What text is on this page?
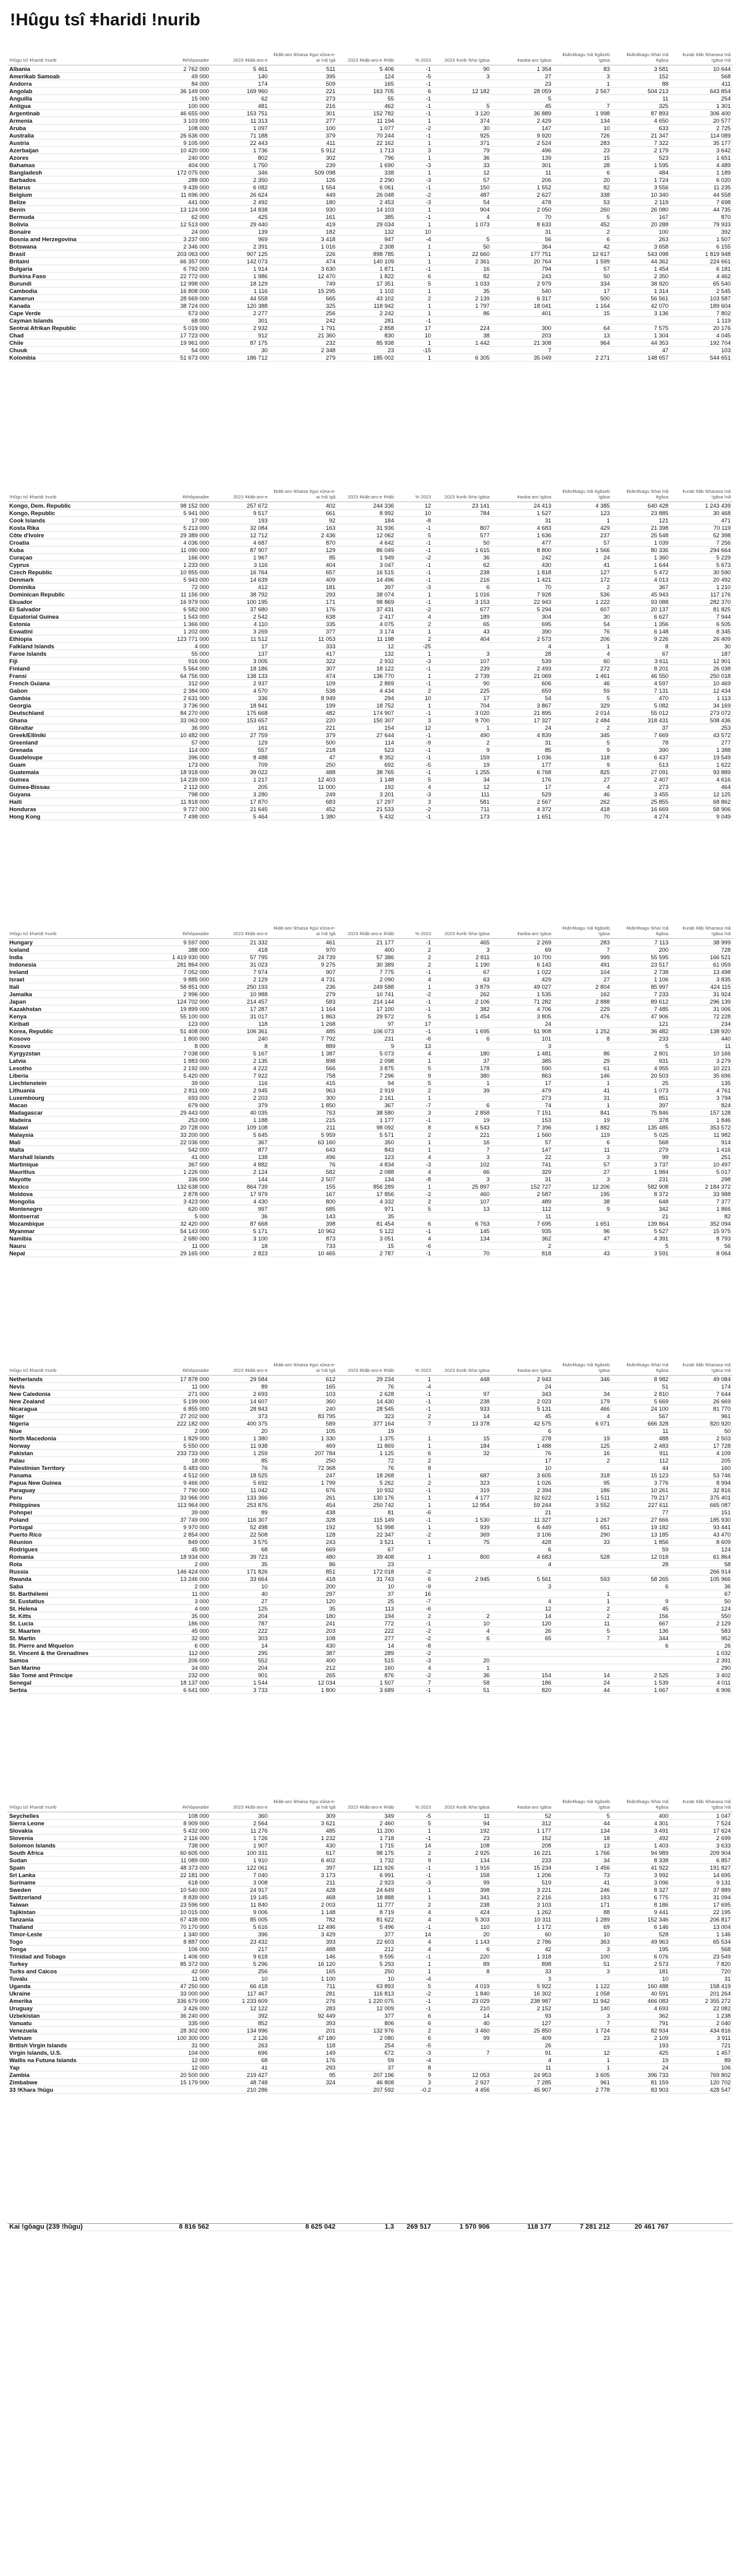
ǃHûgu tsî ǂharidi ǃnurib
ǃHûgu tsî ǂharidi ǃnurib	ǂkhôpaxaibe	2023 ǂkâb-aro-e	ǂkâb-aro ǃkhaisa ǂgui xûna-e-ai ǃnâ ǃgâ	2023 ǂkâb-aro-e ǂhâb	% 2023	2023 ǂurib ǃkha ǃgāsa	ǂaoba-aro ǃgāsa	ǂkânǂkagu ǃnâ ǂgâseb ǃgāsa	ǂkânǂkagu ǃkhai ǃnâ ǂgâsa	ǂurab ǂâb ǃkharaxa ǃnâ ǃgāsa ǃnâ
Albania	2 762 000	5 461	511	5 406	-1	90	1 354	83	3 581	10 644
Amerikab Samoab	49 000	140	395	124	-5	3	27	3	152	568
Andorra	84 000	174	509	165	-1		23	1	88	411
Angolab	36 149 000	169 960	221	163 705	6	12 182	28 059	2 567	504 213	643 854
Anguilla	15 000	62	273	55	-1		5		11	254
Antigua	100 000	481	216	462	-1	5	45	7	325	1 301
Argentinab	46 655 000	153 751	301	152 782	-1	3 120	36 889	1 998	87 893	306 400
Armenia	3 103 000	11 313	277	11 194	1	374	2 429	134	4 650	20 577
Aruba	108 000	1 097	100	1 077	-2	30	147	10	633	2 725
Australia	26 636 000	71 188	379	70 244	-1	925	9 920	726	21 347	114 089
Austria	9 105 000	22 443	411	22 162	1	371	2 524	283	7 322	35 177
Azerbaijan	10 420 000	1 736	5 912	1 713	3	79	496	23	2 179	3 642
Azores	240 000	802	302	796	1	36	139	15	523	1 651
Bahamas	404 000	1 750	239	1 690	-3	33	301	28	1 595	4 489
Bangladesh	172 075 000	346	509 098	338	1	12	11	6	484	1 189
Barbados	288 000	2 350	126	2 290	-3	57	206	20	1 724	6 020
Belarus	9 439 000	6 082	1 554	6 061	-1	150	1 552	82	3 556	11 235
Belgium	11 696 000	26 624	449	26 048	-2	487	2 627	338	10 340	44 558
Belize	441 000	2 492	180	2 453	-3	54	478	53	2 119	7 698
Benin	13 124 000	14 838	930	14 103	1	904	2 050	260	26 080	44 735
Bermuda	62 000	425	161	385	-1	4	70	5	167	870
Bolivia	12 513 000	29 440	419	29 034	1	1 073	8 633	452	20 288	79 933
Bonaire	24 000	139	182	132	10		31	2	100	392
Bosnia and Herzegovina	3 237 000	969	3 418	947	-4	5	56	6	263	1 507
Botswana	2 346 000	2 391	1 016	2 308	1	50	364	42	3 658	6 155
Brasil	203 063 000	907 125	226	898 785	1	22 660	177 751	12 617	543 098	1 819 948
Britaini	66 357 000	142 073	474	140 109	1	2 361	20 764	1 599	44 362	224 661
Bulgaria	6 792 000	1 914	3 630	1 871	-1	16	794	57	1 454	6 181
Burkina Faso	22 772 000	1 986	12 470	1 822	6	82	243	50	2 350	4 462
Burundi	12 998 000	18 129	749	17 351	5	1 033	2 979	334	38 920	65 540
Cambodia	16 808 000	1 116	15 295	1 102	1	35	540	17	1 314	2 545
Kamerun	28 669 000	44 558	665	43 102	2	2 139	6 317	500	56 561	103 587
Kanada	38 724 000	120 388	325	118 942	1	1 797	18 041	1 164	42 070	189 604
Cape Verde	573 000	2 277	256	2 242	1	86	401	15	3 136	7 802
Cayman Islands	68 000	301	242	281	-1					1 119
Sentral Afrikan Republic	5 019 000	2 932	1 791	2 858	17	224	300	64	7 575	20 176
Chad	17 723 000	912	21 360	830	10	38	203	13	1 304	4 045
Chile	19 961 000	87 175	232	85 938	1	1 442	21 308	964	44 353	192 704
Chuuk	54 000	30	2 348	23	-15		7		47	103
Kolombia	51 673 000	186 712	279	185 002	1	6 305	35 049	2 271	148 657	544 651
ǃHûgu tsî ǂharidi ǃnurib	ǂkhôpaxaibe	2023 ǂkâb-aro-e	ǂkâb-aro ǃkhaisa ǂgui xûna-e-ai ǃnâ ǃgâ	2023 ǂkâb-aro-e ǂhâb	% 2023	2023 ǂurib ǃkha ǃgāsa	ǂaoba-aro ǃgāsa	ǂkânǂkagu ǃnâ ǂgâseb ǃgāsa	ǂkânǂkagu ǃkhai ǃnâ ǂgâsa	ǂurab ǂâb ǃkharaxa ǃnâ ǃgāsa ǃnâ
Kongo, Dem. Republic	98 152 000	257 672	402	244 336	12	23 141	24 413	4 385	640 428	1 243 439
Kongo, Republic	5 941 000	9 517	661	8 992	10	784	1 527	123	23 885	30 468
Cook Islands	17 000	193	92	184	-8		31	1	121	471
Kosta Rika	5 213 000	32 084	163	31 936	-1	807	4 683	429	21 398	70 119
Côte d'Ivoire	29 389 000	12 712	2 436	12 062	5	577	1 636	237	25 548	52 398
Croatia	4 036 000	4 687	870	4 642	-1	50	477	57	1 039	7 256
Kuba	11 090 000	87 907	129	86 049	-1	1 615	8 800	1 566	80 336	294 664
Curaçao	166 000	1 967	85	1 949	-2	36	242	24	1 360	5 229
Cyprus	1 233 000	3 116	404	3 047	-1	62	430	41	1 644	5 673
Czech Republic	10 855 000	16 764	657	16 515	-1	238	1 818	127	5 472	30 590
Denmark	5 943 000	14 639	409	14 496	-1	216	1 421	172	4 013	20 492
Dominika	72 000	412	181	397	-3	6	70	2	367	1 210
Dominican Republic	11 156 000	38 792	293	38 074	1	1 016	7 928	536	45 943	117 176
Ekuador	16 979 000	100 195	171	98 869	-1	3 153	22 943	1 222	93 088	282 370
El Salvador	6 582 000	37 680	176	37 431	-2	677	5 294	607	20 137	81 825
Equatorial Guinea	1 543 000	2 542	638	2 417	4	189	304	30	6 627	7 944
Estonia	1 366 000	4 110	335	4 075	2	65	695	54	1 356	6 505
Eswatini	1 202 000	3 269	377	3 174	1	43	390	76	6 148	8 345
Ethiopia	123 771 000	11 512	11 053	11 198	2	404	2 573	206	9 226	26 409
Falkland Islands	4 000	17	333	12	-25		4	1	8	30
Faroe Islands	55 000	137	417	132	1	3	28	4	67	187
Fiji	916 000	3 005	322	2 932	-3	107	539	60	3 611	12 901
Finland	5 564 000	18 186	307	18 122	-1	239	2 493	272	8 201	26 038
Fransi	64 756 000	138 133	474	136 770	1	2 739	21 069	1 461	46 550	250 018
French Guiana	312 000	2 937	109	2 869	-1	90	606	46	4 597	10 469
Gabon	2 384 000	4 570	538	4 434	2	225	659	59	7 131	12 434
Gambia	2 631 000	336	8 949	294	10	17	54	5	470	1 113
Georgia	3 736 000	18 841	199	18 752	1	704	3 867	329	5 082	34 169
Deutschland	84 270 000	175 668	482	174 907	-1	3 020	21 895	2 014	55 012	273 072
Ghana	33 063 000	153 657	220	150 307	3	9 700	17 327	2 484	318 431	508 436
Gibraltar	36 000	161	221	154	12	1	24	2	37	253
Greek/Ellinikí	10 482 000	27 759	379	27 644	-1	490	4 839	345	7 669	43 572
Greenland	57 000	129	500	114	-9	2	31	5	78	277
Grenada	114 000	557	218	523	-1	9	85	9	390	1 388
Guadeloupe	396 000	8 488	47	8 352	-1	159	1 036	118	6 437	19 549
Guam	173 000	709	250	692	-5	19	177	9	513	1 622
Guatemala	18 918 000	39 022	488	38 765	-1	1 255	6 768	825	27 091	93 889
Guinea	14 239 000	1 217	12 403	1 148	5	34	176	27	2 407	4 616
Guinea-Bissau	2 112 000	205	11 000	192	4	12	17	4	273	464
Guyana	798 000	3 280	249	3 201	-3	111	529	46	3 455	12 125
Haiti	11 818 000	17 870	683	17 297	3	581	2 567	262	25 855	68 862
Honduras	9 727 000	21 645	452	21 533	-2	711	4 372	418	16 669	58 906
Hong Kong	7 498 000	5 464	1 380	5 432	-1	173	1 651	70	4 274	9 049
ǃHûgu tsî ǂharidi ǃnurib	ǂkhôpaxaibe	2023 ǂkâb-aro-e	ǂkâb-aro ǃkhaisa ǂgui xûna-e-ai ǃnâ ǃgâ	2023 ǂkâb-aro-e ǂhâb	% 2023	2023 ǂurib ǃkha ǃgāsa	ǂaoba-aro ǃgāsa	ǂkânǂkagu ǃnâ ǂgâseb ǃgāsa	ǂkânǂkagu ǃkhai ǃnâ ǂgâsa	ǂurab ǂâb ǃkharaxa ǃnâ ǃgāsa ǃnâ
Hungary	9 597 000	21 332	461	21 177	-1	465	2 269	283	7 113	38 999
Iceland	388 000	418	970	400	2	3	69	7	200	728
India	1 419 930 000	57 795	24 739	57 386	2	2 811	10 700	999	55 595	166 521
Indonesia	281 864 000	31 023	9 275	30 389	2	1 190	6 143	491	23 517	61 059
Ireland	7 052 000	7 974	907	7 775	-1	67	1 022	104	2 738	13 498
Israel	9 885 000	2 129	4 731	2 090	4	63	429	27	1 106	3 835
Itali	58 851 000	250 193	236	249 588	1	3 879	49 027	2 804	85 997	424 115
Jamaika	2 996 000	10 988	279	10 741	-2	262	1 535	162	7 233	31 924
Japan	124 702 000	214 457	583	214 144	-1	2 106	71 282	2 888	89 612	296 139
Kazakhstan	19 899 000	17 287	1 164	17 100	-1	382	4 706	229	7 485	31 006
Kenya	55 100 000	31 017	1 863	29 572	5	1 454	3 805	476	47 906	72 228
Kiribati	123 000	118	1 268	97	17		24		121	234
Korea, Republic	51 408 000	106 361	485	106 073	-1	1 695	51 908	1 252	36 482	138 920
Kosovo	1 800 000	240	7 792	231	-6	6	101	8	233	440
Kosovo	8 000	8	889	9	13		3		5	11
Kyrgyzstan	7 038 000	5 167	1 387	5 073	4	180	1 481	86	2 801	10 166
Latvia	1 883 000	2 135	898	2 098	1	37	385	29	931	3 279
Lesotho	2 192 000	4 222	566	3 875	5	178	590	61	4 955	10 221
Liberia	5 420 000	7 922	758	7 296	9	380	863	146	20 503	35 696
Liechtenstein	39 000	116	415	94	5	1	17	1	25	135
Lithuania	2 811 000	2 945	963	2 919	2	39	479	41	1 073	4 761
Luxembourg	693 000	2 203	300	2 161	1		273	31	851	3 794
Macao	679 000	379	1 850	367	-7	6	74	1	397	824
Madagascar	29 443 000	40 035	763	38 580	3	2 858	7 151	841	75 846	157 128
Madeira	253 000	1 188	215	1 177	-1	19	153	19	378	1 846
Malawi	20 728 000	109 108	211	98 092	8	6 543	7 396	1 882	135 485	353 572
Malaysia	33 200 000	5 645	5 959	5 571	2	221	1 560	119	5 025	11 982
Mali	22 036 000	367	63 160	350	1	16	57	6	568	914
Malta	542 000	877	643	843	1	7	147	11	279	1 416
Marshall Islands	41 000	138	496	123	4	3	22	3	99	251
Martinique	367 000	4 882	76	4 834	-3	102	741	57	3 737	10 497
Mauritius	1 226 000	2 124	582	2 088	4	66	329	27	1 984	5 017
Mayotte	336 000	144	2 507	134	-8	3	31	3	231	298
Mexico	132 638 000	864 739	155	856 289	1	25 897	152 727	12 206	582 908	2 184 372
Moldova	2 878 000	17 979	167	17 856	-2	460	2 587	195	8 372	33 988
Mongolia	3 423 000	4 430	800	4 332	2	107	489	38	648	7 377
Montenegro	620 000	997	685	971	5	13	112	9	342	1 866
Montserrat	5 000	36	143	35			11		21	82
Mozambique	32 420 000	87 668	398	81 454	6	6 763	7 695	1 651	139 864	352 094
Myanmar	54 143 000	5 171	10 962	5 122	-1	145	935	96	5 527	15 975
Namibia	2 680 000	3 100	873	3 051	4	134	362	47	4 391	8 793
Nauru	11 000	18	733	15	-6		2		5	56
Nepal	29 165 000	2 823	10 465	2 787	-1	70	818	43	3 591	8 064
ǃHûgu tsî ǂharidi ǃnurib	ǂkhôpaxaibe	2023 ǂkâb-aro-e	ǂkâb-aro ǃkhaisa ǂgui xûna-e-ai ǃnâ ǃgâ	2023 ǂkâb-aro-e ǂhâb	% 2023	2023 ǂurib ǃkha ǃgāsa	ǂaoba-aro ǃgāsa	ǂkânǂkagu ǃnâ ǂgâseb ǃgāsa	ǂkânǂkagu ǃkhai ǃnâ ǂgâsa	ǂurab ǂâb ǃkharaxa ǃnâ ǃgāsa ǃnâ
Netherlands	17 878 000	29 584	612	29 234	1	448	2 943	346	8 982	49 084
Nevis	11 000	89	165	76	-4		24		51	174
New Caledonia	271 000	2 693	103	2 628	-1	97	343	34	2 810	7 644
New Zealand	5 199 000	14 607	360	14 430	-1	238	2 023	179	5 669	26 669
Nicaragua	6 855 000	28 843	240	28 545	-1	933	5 131	466	24 100	81 770
Niger	27 202 000	373	83 795	323	2	14	45	4	567	961
Nigeria	222 182 000	400 375	589	377 164	7	13 378	42 575	6 071	666 328	820 920
Niue	2 000	20	105	19			6		11	50
North Macedonia	1 829 000	1 380	1 330	1 375	1	15	278	19	488	2 503
Norway	5 550 000	11 938	469	11 869	1	184	1 488	125	2 483	17 728
Pakistan	233 733 000	1 259	207 784	1 125	6	32	76	16	911	4 109
Palau	18 000	85	250	72	2		17	2	112	205
Palestinian Territory	5 483 000	76	72 368	76	8		10		44	160
Panama	4 512 000	18 525	247	18 268	1	687	3 605	318	15 123	53 746
Papua New Guinea	9 466 000	5 692	1 799	5 262	2	323	1 026	95	3 776	8 994
Paraguay	7 790 000	11 042	676	10 932	-1	319	2 394	186	10 261	32 816
Peru	33 966 000	133 366	261	130 176	1	4 177	32 622	1 511	79 217	375 401
Philippines	113 964 000	253 876	454	250 742	1	12 954	59 244	3 552	227 611	665 087
Pohnpei	39 000	89	438	81	-6		21		77	151
Poland	37 749 000	116 307	328	115 149	-1	1 530	11 327	1 267	27 666	185 930
Portugal	9 970 000	52 498	192	51 998	1	939	6 449	651	19 182	93 441
Puerto Rico	2 854 000	22 508	128	22 347	-2	369	3 106	290	13 185	43 470
Réunion	849 000	3 575	243	3 521	1	75	428	33	1 856	8 609
Rodrigues	45 000	68	669	67			6		59	124
Romania	18 934 000	39 723	480	39 408	1	800	4 683	528	12 018	61 864
Rota	2 000	35	86	23			4		28	58
Russia	146 424 000	171 826	851	172 018	-2					266 914
Rwanda	13 246 000	33 664	418	31 743	6	2 945	5 561	593	58 265	105 966
Saba	2 000	10	200	10	-9		3		6	36
St. Barthélemi	11 000	40	297	37	16			1		67
St. Eustatius	3 000	27	120	25	-7		4	1	9	50
St. Helena	4 000	125	35	113	-6		12	2	45	124
St. Kitts	35 000	204	180	194	2	2	14	2	156	550
St. Lucia	186 000	787	241	772	-1	10	120	11	667	2 129
St. Maarten	45 000	222	203	222	-2	4	26	5	136	583
St. Martin	32 000	303	108	277	-2	6	65	7	344	952
St. Pierre and Miquelon	6 000	14	430	14	-8				6	26
St. Vincent & the Grenadines	112 000	295	387	289	-2					1 032
Samoa	206 000	552	400	515	-3	20				2 391
San Marino	34 000	204	212	160	4	1				290
São Tomé and Príncipe	232 000	901	265	876	-2	36	154	14	2 525	3 402
Senegal	18 137 000	1 544	12 034	1 507	7	58	186	24	1 539	4 011
Serbia	6 641 000	3 733	1 800	3 689	-1	51	820	44	1 667	6 906
ǃHûgu tsî ǂharidi ǃnurib	ǂkhôpaxaibe	2023 ǂkâb-aro-e	ǂkâb-aro ǃkhaisa ǂgui xûna-e-ai ǃnâ ǃgâ	2023 ǂkâb-aro-e ǂhâb	% 2023	2023 ǂurib ǃkha ǃgāsa	ǂaoba-aro ǃgāsa	ǂkânǂkagu ǃnâ ǂgâseb ǃgāsa	ǂkânǂkagu ǃkhai ǃnâ ǂgâsa	ǂurab ǂâb ǃkharaxa ǃnâ ǃgāsa ǃnâ
Seychelles	108 000	360	309	349	-5	11	52	5	400	1 047
Sierra Leone	8 909 000	2 564	3 621	2 460	5	94	312	44	4 301	7 524
Slovakia	5 432 000	11 276	485	11 200	1	192	1 177	134	3 491	17 624
Slovenia	2 116 000	1 726	1 232	1 718	-1	23	152	18	492	2 699
Solomon Islands	738 000	1 907	430	1 715	14	108	208	13	1 403	3 633
South Africa	60 605 000	100 331	617	98 175	2	2 925	16 221	1 766	94 989	209 904
Sudan	11 089 000	1 910	6 402	1 732	9	134	233	34	8 338	6 857
Spain	48 373 000	122 061	397	121 926	-1	1 916	15 234	1 456	41 922	191 827
Sri Lanka	22 181 000	7 040	3 173	6 991	-1	158	1 206	73	3 992	14 695
Suriname	618 000	3 008	211	2 923	-3	99	519	41	3 096	9 131
Sweden	10 540 000	24 917	428	24 649	1	398	3 221	246	8 327	37 889
Switzerland	8 839 000	19 145	468	18 888	1	341	2 216	193	6 775	31 094
Taiwan	23 596 000	11 840	2 003	11 777	2	238	3 103	171	8 186	17 695
Tajikistan	10 015 000	9 006	1 148	8 719	4	424	1 262	88	9 441	22 195
Tanzania	67 438 000	85 005	782	81 622	4	5 303	10 311	1 289	152 346	206 817
Thailand	70 170 000	5 616	12 496	5 496	-1	110	1 172	69	6 146	13 004
Timor-Leste	1 340 000	396	3 429	377	14	20	60	10	528	1 146
Togo	8 887 000	23 432	393	22 603	4	1 143	2 786	363	49 963	65 534
Tonga	106 000	217	488	212	4	6	42	3	195	568
Trinidad and Tobago	1 406 000	9 618	146	9 595	-1	220	1 318	100	6 076	23 549
Turkey	85 372 000	5 296	16 120	5 293	1	89	898	51	2 573	7 820
Turks and Caicos	42 000	256	165	250	1	8	33	3	181	720
Tuvalu	11 000	10	1 100	10	-4		3		10	31
Uganda	47 250 000	66 418	711	63 893	5	4 019	5 922	1 122	160 488	158 419
Ukraine	33 000 000	117 467	281	116 813	-2	1 840	16 302	1 058	40 591	201 264
Amerika	336 679 000	1 233 609	276	1 220 075	-1	23 029	238 987	11 942	466 083	2 355 272
Uruguay	3 426 000	12 122	283	12 009	-1	210	2 152	140	4 693	22 082
Uzbekistan	36 240 000	392	92 449	377	6	14	93	3	362	1 238
Vanuatu	335 000	852	393	806	6	40	127	7	791	2 040
Venezuela	28 302 000	134 996	201	132 976	2	3 460	25 850	1 724	82 934	434 816
Vietnam	100 300 000	2 126	47 180	2 080	6	99	409	23	2 109	3 911
British Virgin Islands	31 000	263	118	254	-5		26		193	721
Virgin Islands, U.S.	104 000	696	149	672	-3	7	91	12	425	1 457
Wallis na Futuna Islands	12 000	68	176	59	-4		4	1	19	89
Yap	12 000	41	293	37	8		11	1	24	106
Zambia	20 500 000	219 427	95	207 196	9	12 053	24 953	3 605	396 733	769 802
Zimbabwe	15 179 000	48 748	324	46 808	3	2 927	7 285	961	81 159	120 702
33 ǃKhara ǃhûgu		210 286		207 592	-0.2	4 456	45 907	2 778	83 903	428 547
Kai ǃgôagu (239 ǃhûgu)	8 816 562		8 625 042	1.3	269 517	1 570 906	118 177	7 281 212	20 461 767	
